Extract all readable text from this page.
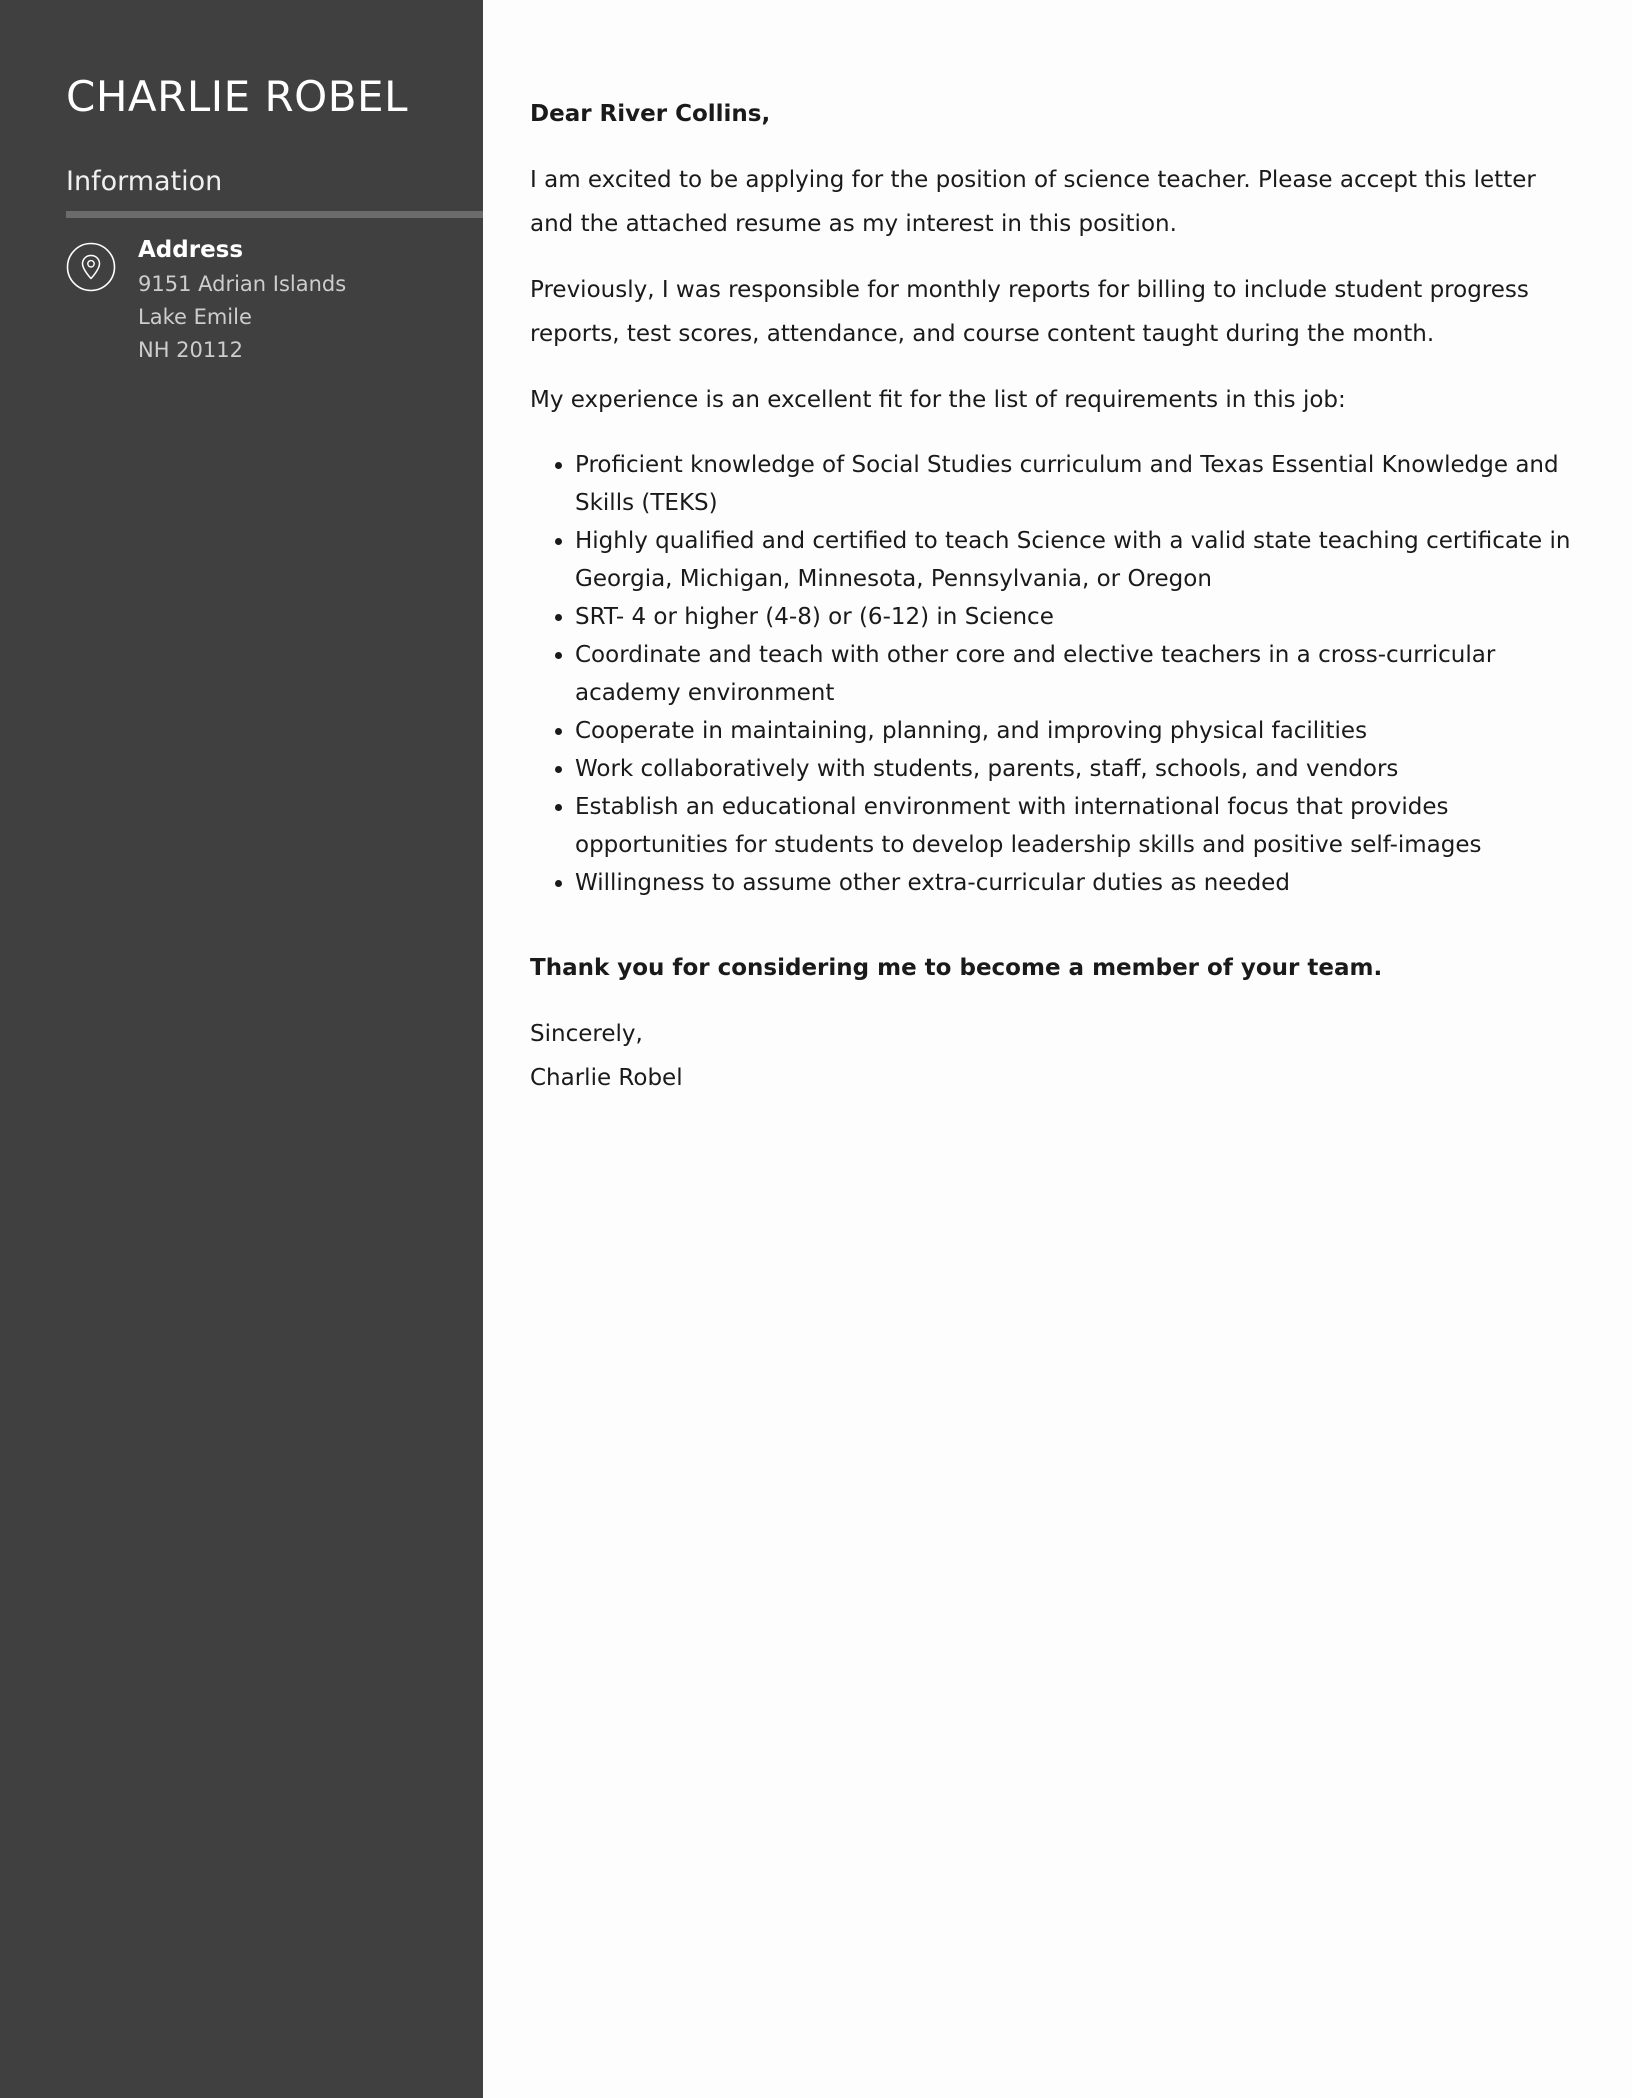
CHARLIE ROBEL
Information
Address
9151 Adrian Islands
Lake Emile
NH 20112

Dear River Collins,

I am excited to be applying for the position of science teacher. Please accept this letter and the attached resume as my interest in this position.

Previously, I was responsible for monthly reports for billing to include student progress reports, test scores, attendance, and course content taught during the month.

My experience is an excellent fit for the list of requirements in this job:

• Proficient knowledge of Social Studies curriculum and Texas Essential Knowledge and Skills (TEKS)
• Highly qualified and certified to teach Science with a valid state teaching certificate in Georgia, Michigan, Minnesota, Pennsylvania, or Oregon
• SRT- 4 or higher (4-8) or (6-12) in Science
• Coordinate and teach with other core and elective teachers in a cross-curricular academy environment
• Cooperate in maintaining, planning, and improving physical facilities
• Work collaboratively with students, parents, staff, schools, and vendors
• Establish an educational environment with international focus that provides opportunities for students to develop leadership skills and positive self-images
• Willingness to assume other extra-curricular duties as needed

Thank you for considering me to become a member of your team.

Sincerely,

Charlie Robel
